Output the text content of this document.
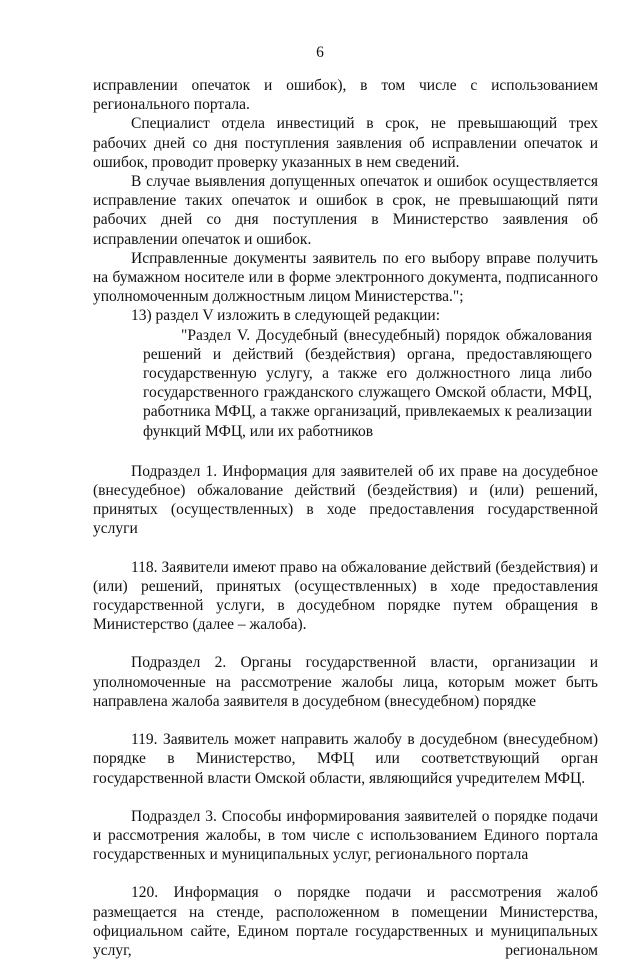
6

исправлении опечаток и ошибок), в том числе с использованием регионального портала.

Специалист отдела инвестиций в срок, не превышающий трех рабочих дней со дня поступления заявления об исправлении опечаток и ошибок, проводит проверку указанных в нем сведений.

В случае выявления допущенных опечаток и ошибок осуществляется исправление таких опечаток и ошибок в срок, не превышающий пяти рабочих дней со дня поступления в Министерство заявления об исправлении опечаток и ошибок.

Исправленные документы заявитель по его выбору вправе получить на бумажном носителе или в форме электронного документа, подписанного уполномоченным должностным лицом Министерства.";

13) раздел V изложить в следующей редакции:

"Раздел V. Досудебный (внесудебный) порядок обжалования решений и действий (бездействия) органа, предоставляющего государственную услугу, а также его должностного лица либо государственного гражданского служащего Омской области, МФЦ, работника МФЦ, а также организаций, привлекаемых к реализации функций МФЦ, или их работников

Подраздел 1. Информация для заявителей об их праве на досудебное (внесудебное) обжалование действий (бездействия) и (или) решений, принятых (осуществленных) в ходе предоставления государственной услуги

118. Заявители имеют право на обжалование действий (бездействия) и (или) решений, принятых (осуществленных) в ходе предоставления государственной услуги, в досудебном порядке путем обращения в Министерство (далее – жалоба).

Подраздел 2. Органы государственной власти, организации и уполномоченные на рассмотрение жалобы лица, которым может быть направлена жалоба заявителя в досудебном (внесудебном) порядке

119. Заявитель может направить жалобу в досудебном (внесудебном) порядке в Министерство, МФЦ или соответствующий орган государственной власти Омской области, являющийся учредителем МФЦ.

Подраздел 3. Способы информирования заявителей о порядке подачи и рассмотрения жалобы, в том числе с использованием Единого портала государственных и муниципальных услуг, регионального портала

120. Информация о порядке подачи и рассмотрения жалоб размещается на стенде, расположенном в помещении Министерства, официальном сайте, Едином портале государственных и муниципальных услуг, региональном
